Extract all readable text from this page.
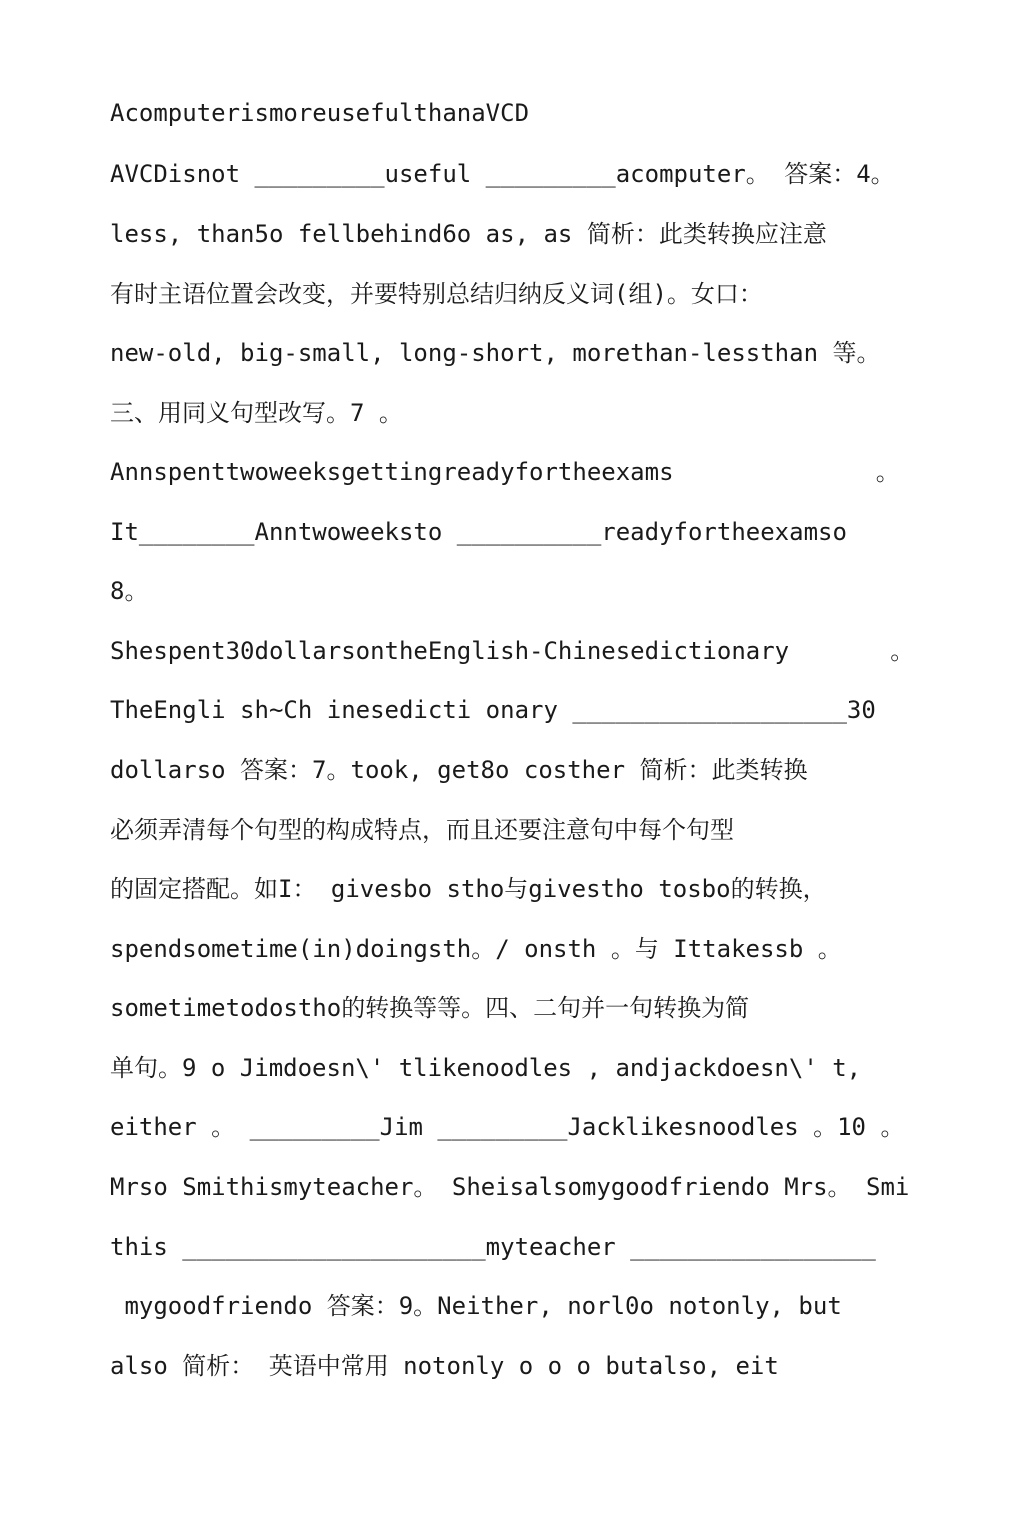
AcomputerismoreusefulthanaVCD
AVCDisnot _________useful _________acomputer。 答案：4。
less, than5o fellbehind6o as, as 简析：此类转换应注意
有时主语位置会改变，并要特别总结归纳反义词(组)。女口：
new-old, big-small, long-short, morethan-lessthan 等。
三、用同义句型改写。7 。
Annspenttwoweeksgettingreadyfortheexams              。
It________Anntwoweeksto __________readyfortheexamso
8。
Shespent30dollarsontheEnglish-Chinesedictionary       。
TheEngli sh~Ch inesedicti onary ___________________30
dollarso 答案：7。took, get8o costher 简析：此类转换
必须弄清每个句型的构成特点，而且还要注意句中每个句型
的固定搭配。如I： givesbo stho与givestho tosbo的转换，
spendsometime(in)doingsth。/ onsth 。与 Ittakessb 。
sometimetodostho的转换等等。四、二句并一句转换为简
单句。9 o Jimdoesn\' tlikenoodles , andjackdoesn\' t,
either 。 _________Jim _________Jacklikesnoodles 。10 。
Mrso Smithismyteacher。 Sheisalsomygoodfriendo Mrs。 Smi
this _____________________myteacher _________________
mygoodfriendo 答案：9。Neither, norl0o notonly, but
also 简析： 英语中常用 notonly o o o butalso, eit
